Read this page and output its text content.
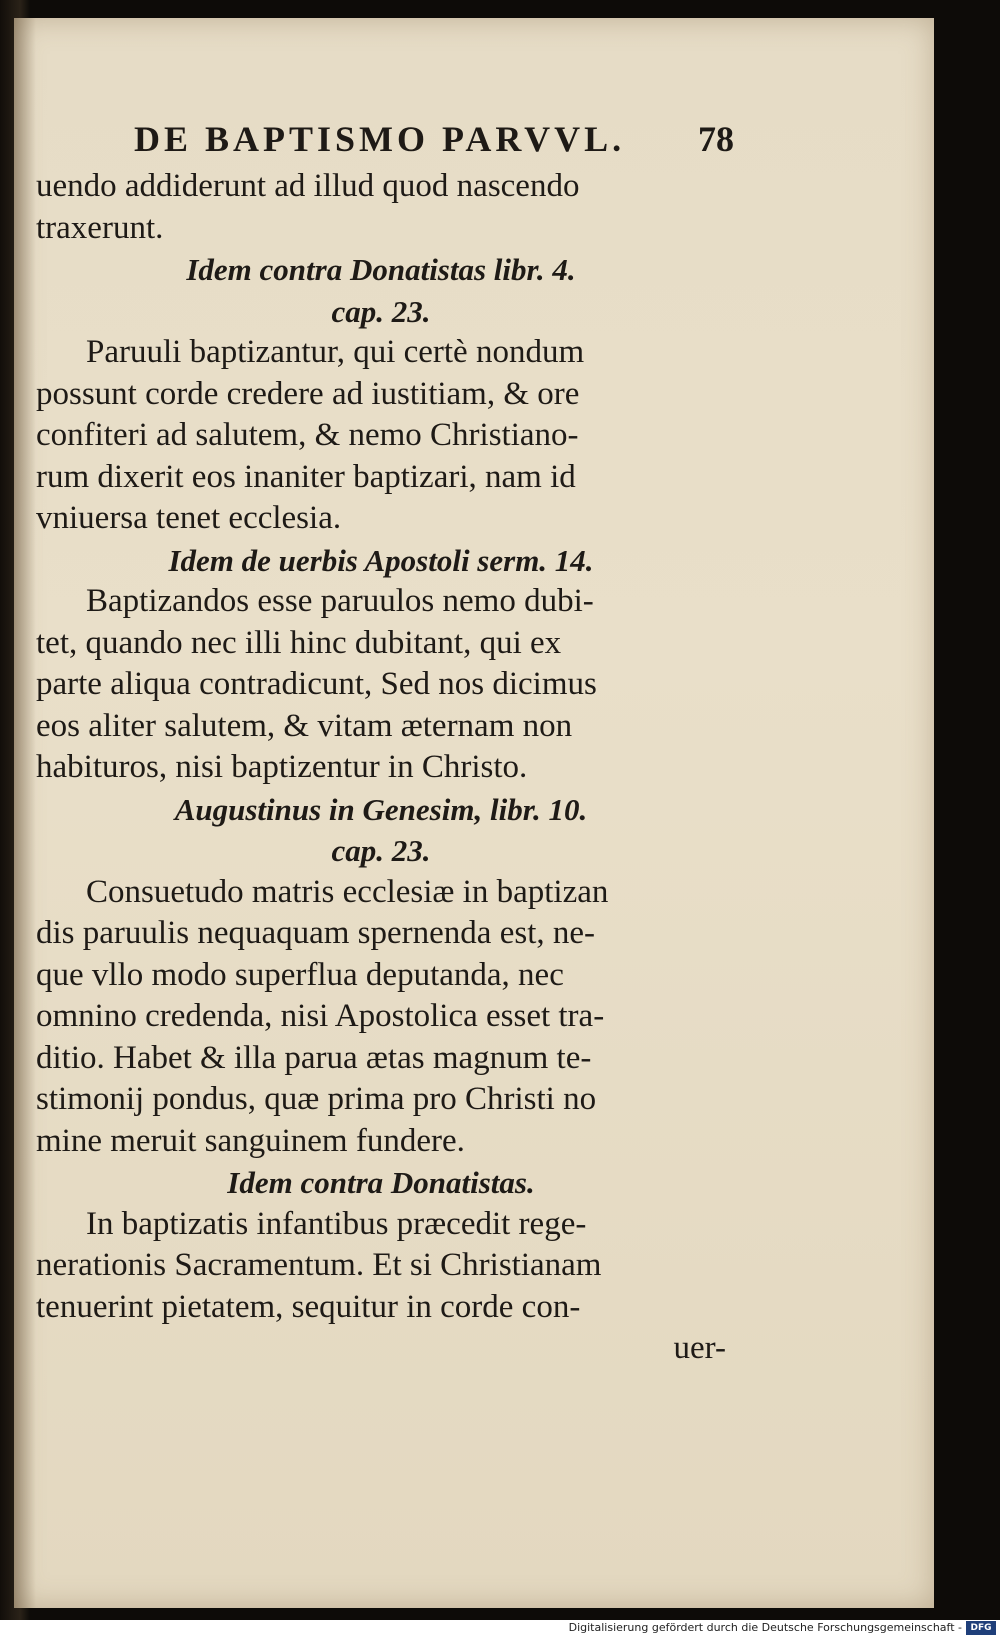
DE BAPTISMO PARVVL. 78
uendo addiderunt ad illud quod nascendo
traxerunt.
Idem contra Donatistas libr. 4.
cap. 23.
Paruuli baptizantur, qui certè nondum
possunt corde credere ad iustitiam, & ore
confiteri ad salutem, & nemo Christiano-
rum dixerit eos inaniter baptizari, nam id
vniuersa tenet ecclesia.
Idem de uerbis Apostoli serm. 14.
Baptizandos esse paruulos nemo dubi-
tet, quando nec illi hinc dubitant, qui ex
parte aliqua contradicunt, Sed nos dicimus
eos aliter salutem, & vitam æternam non
habituros, nisi baptizentur in Christo.
Augustinus in Genesim, libr. 10.
cap. 23.
Consuetudo matris ecclesiæ in baptizan
dis paruulis nequaquam spernenda est, ne-
que vllo modo superflua deputanda, nec
omnino credenda, nisi Apostolica esset tra-
ditio. Habet & illa parua ætas magnum te-
stimonij pondus, quæ prima pro Christi no
mine meruit sanguinem fundere.
Idem contra Donatistas.
In baptizatis infantibus præcedit rege-
nerationis Sacramentum. Et si Christianam
tenuerint pietatem, sequitur in corde con-
uer-
Digitalisierung gefördert durch die Deutsche Forschungsgemeinschaft - DFG
